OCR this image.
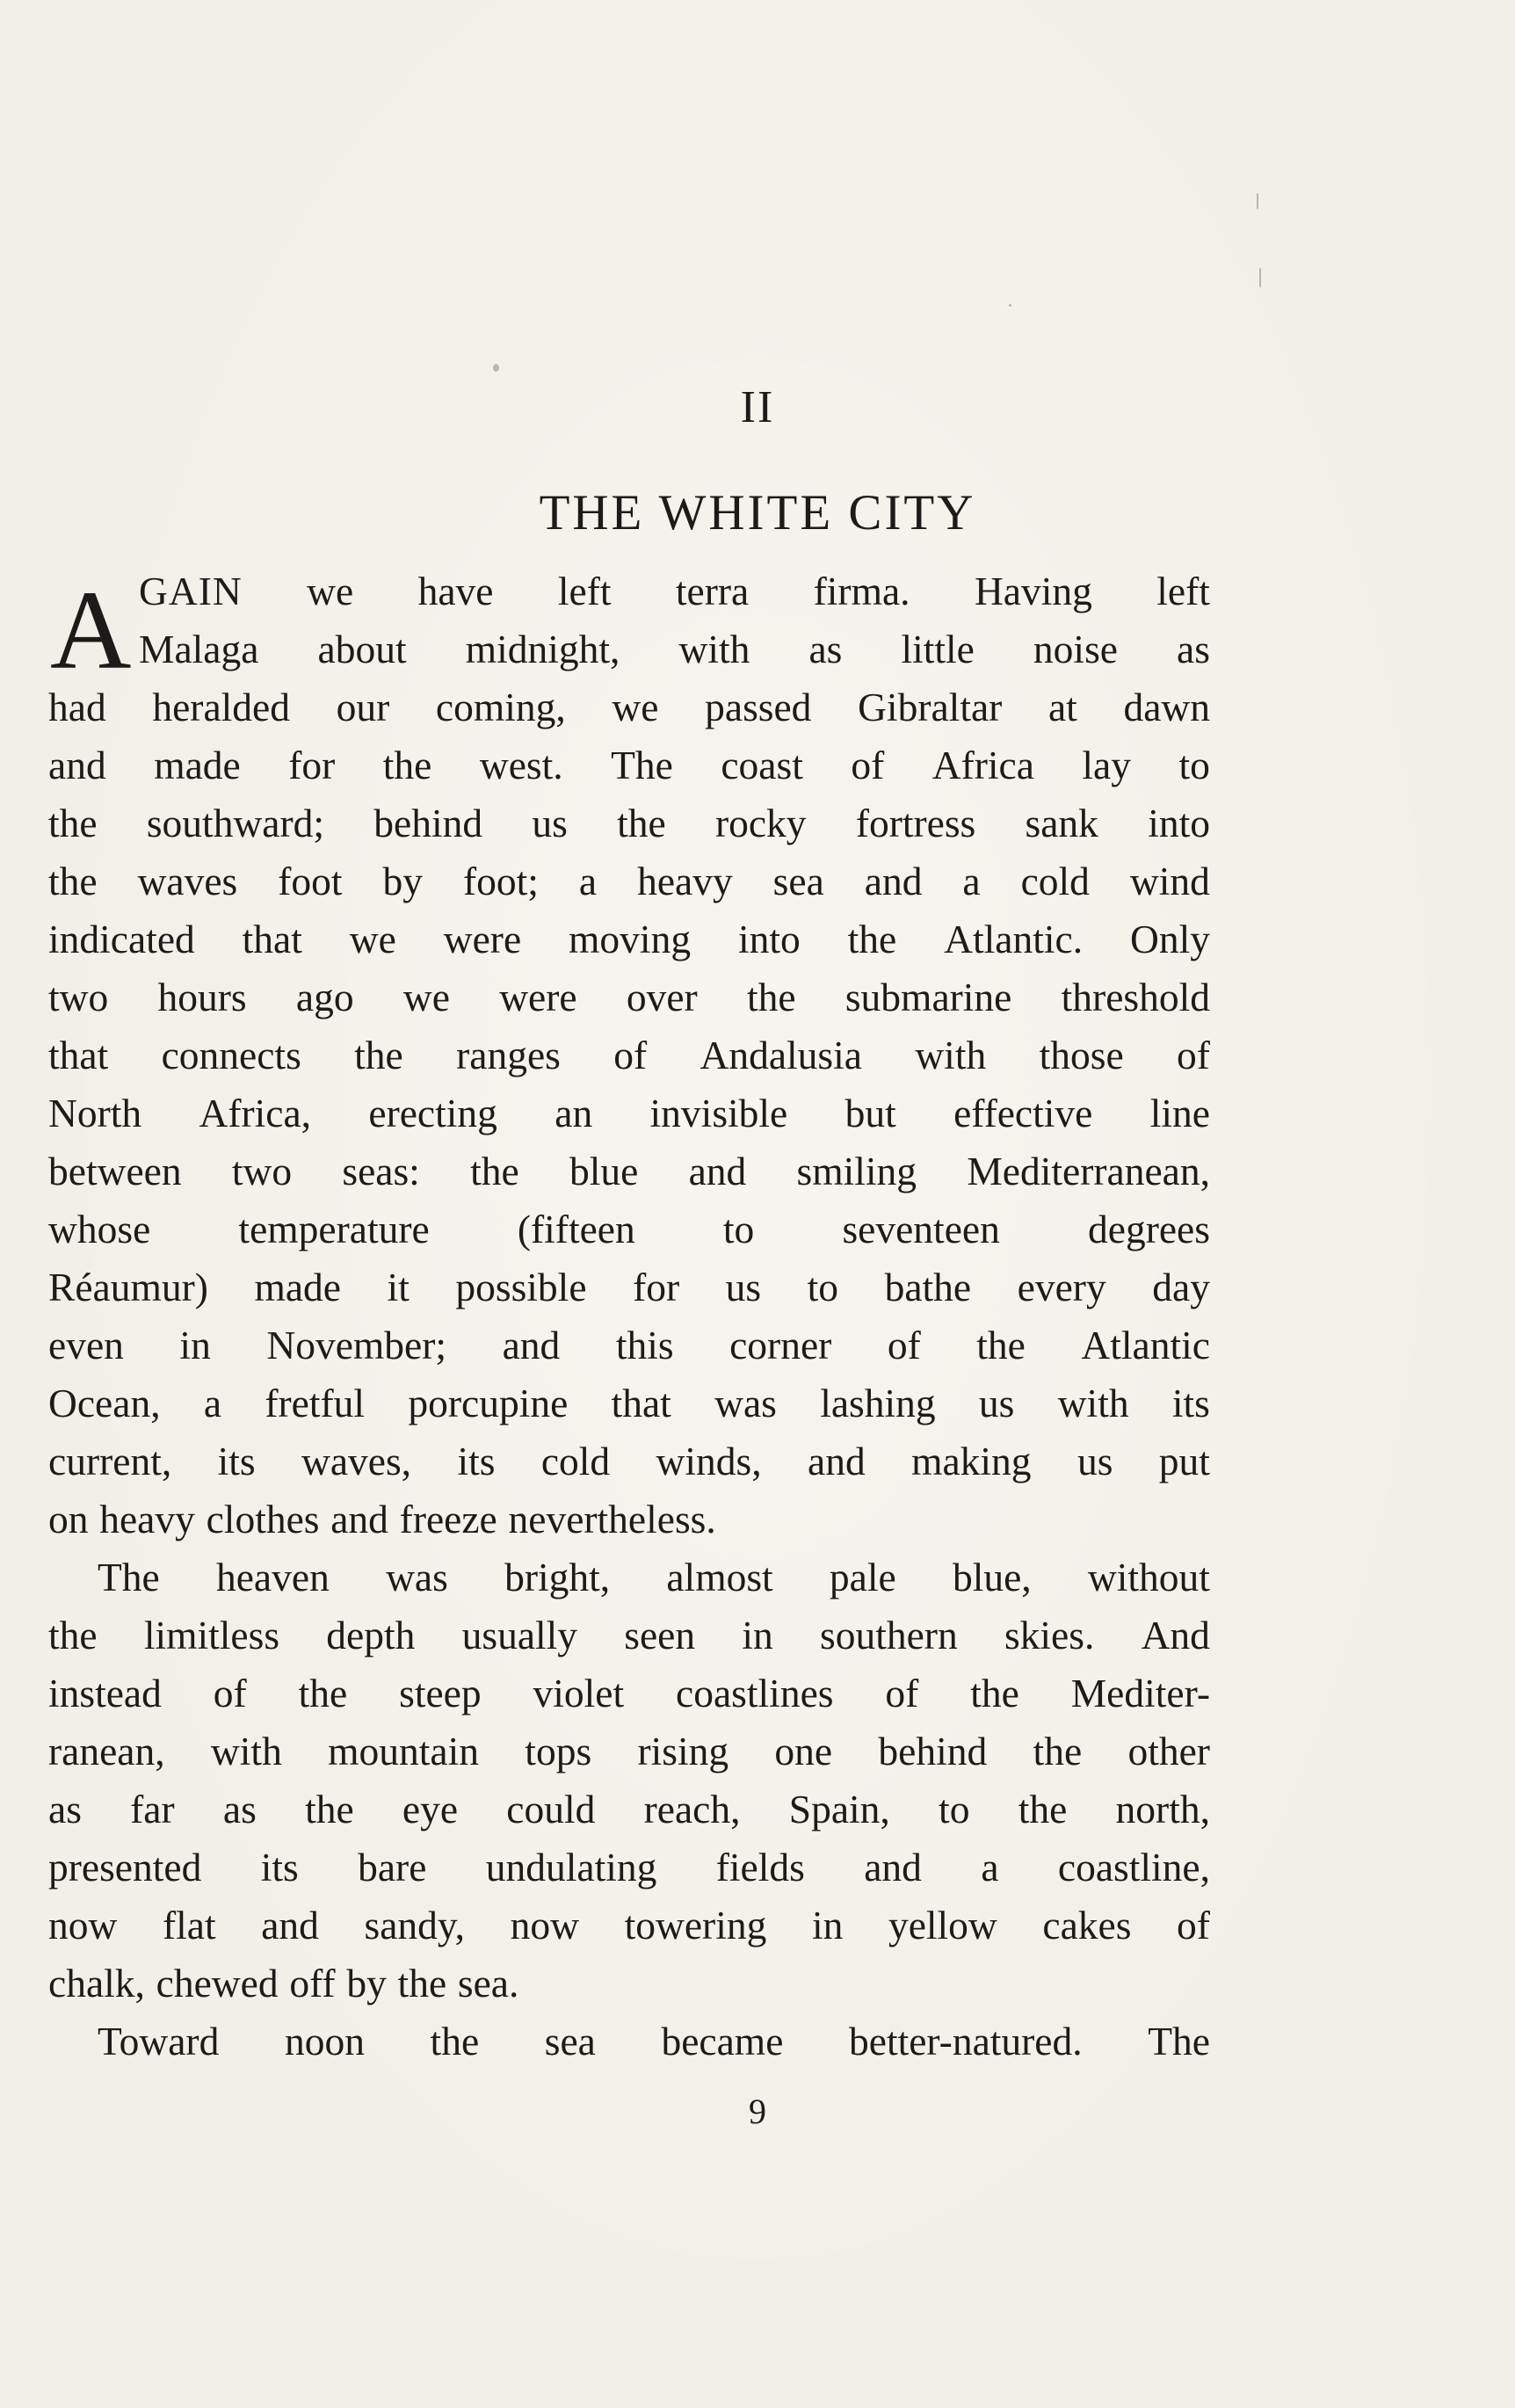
II
THE WHITE CITY
A GAIN we have left terra firma. Having left
Malaga about midnight, with as little noise as
had heralded our coming, we passed Gibraltar at dawn
and made for the west. The coast of Africa lay to
the southward; behind us the rocky fortress sank into
the waves foot by foot; a heavy sea and a cold wind
indicated that we were moving into the Atlantic. Only
two hours ago we were over the submarine threshold
that connects the ranges of Andalusia with those of
North Africa, erecting an invisible but effective line
between two seas: the blue and smiling Mediterranean,
whose temperature (fifteen to seventeen degrees
Réaumur) made it possible for us to bathe every day
even in November; and this corner of the Atlantic
Ocean, a fretful porcupine that was lashing us with its
current, its waves, its cold winds, and making us put
on heavy clothes and freeze nevertheless.
The heaven was bright, almost pale blue, without
the limitless depth usually seen in southern skies. And
instead of the steep violet coastlines of the Mediter-
ranean, with mountain tops rising one behind the other
as far as the eye could reach, Spain, to the north,
presented its bare undulating fields and a coastline,
now flat and sandy, now towering in yellow cakes of
chalk, chewed off by the sea.
Toward noon the sea became better-natured. The
9
